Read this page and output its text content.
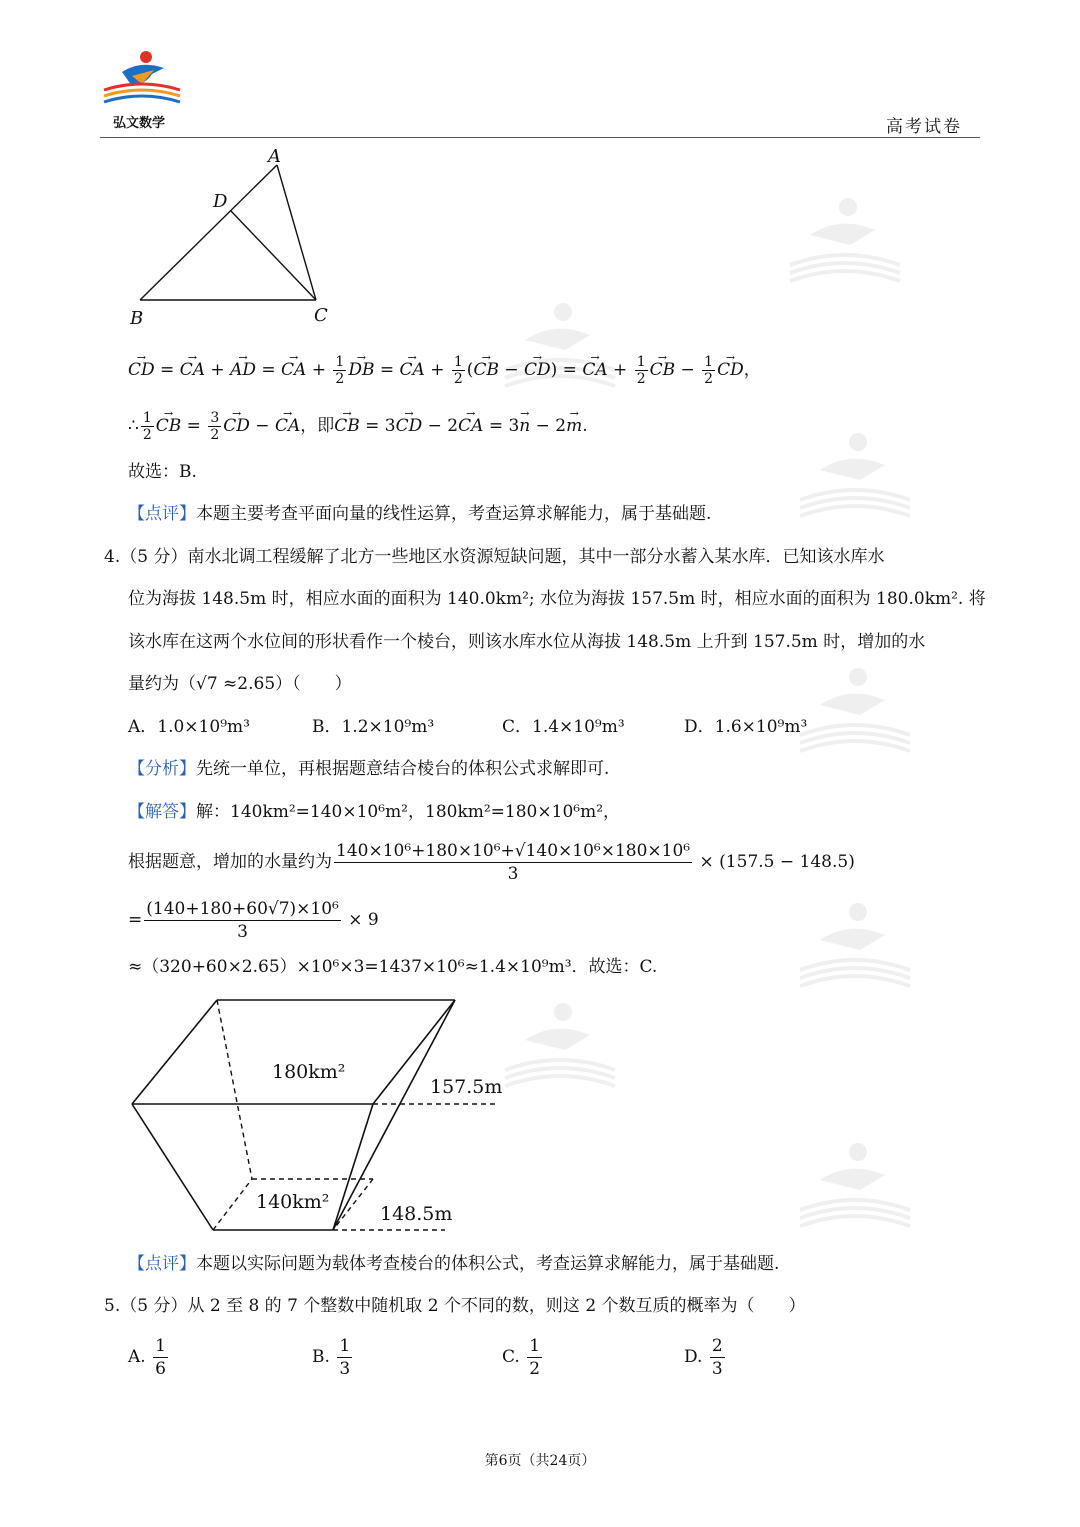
弘文数学	高考试卷
A
D
B	C
→ CD = → CA + → AD = → CA + $\frac{1}{2}$ → DB = → CA + $\frac{1}{2}$ (→ CB − → CD) = → CA + $\frac{1}{2}$ → CB − $\frac{1}{2}$ → CD，
∴ $\frac{1}{2}$ → CB = $\frac{3}{2}$ → CD − → CA，即→ CB = 3→ CD − 2→ CA = 3→ n − 2→ m.
故选：B.
【点评】本题主要考查平面向量的线性运算，考查运算求解能力，属于基础题.
4.（5 分）南水北调工程缓解了北方一些地区水资源短缺问题，其中一部分水蓄入某水库．已知该水库水
位为海拔 148.5m 时，相应水面的面积为 140.0km²; 水位为海拔 157.5m 时，相应水面的面积为 180.0km². 将
该水库在这两个水位间的形状看作一个棱台，则该水库水位从海拔 148.5m 上升到 157.5m 时，增加的水
量约为（√7 ≈2.65）（　　）
A．1.0×10⁹m³	B．1.2×10⁹m³	C．1.4×10⁹m³	D．1.6×10⁹m³
【分析】先统一单位，再根据题意结合棱台的体积公式求解即可.
【解答】解：140km²=140×10⁶m²，180km²=180×10⁶m²，
根据题意，增加的水量约为 $\frac{\text{140×10⁶+180×10⁶+√140×10⁶×180×10⁶}}{3} \times (157.5 - 148.5)$
= $\frac{\text{(140+180+60√7)×10⁶}}{3} \times 9$
≈（320+60×2.65）×10⁶×3=1437×10⁶≈1.4×10⁹m³．故选：C.
180km²
140km²
157.5m
148.5m
【点评】本题以实际问题为载体考查棱台的体积公式，考查运算求解能力，属于基础题.
5.（5 分）从 2 至 8 的 7 个整数中随机取 2 个不同的数，则这 2 个数互质的概率为（　　）
A. $\frac{1}{6}$	B. $\frac{1}{3}$	C. $\frac{1}{2}$	D. $\frac{2}{3}$
第6页（共24页）
